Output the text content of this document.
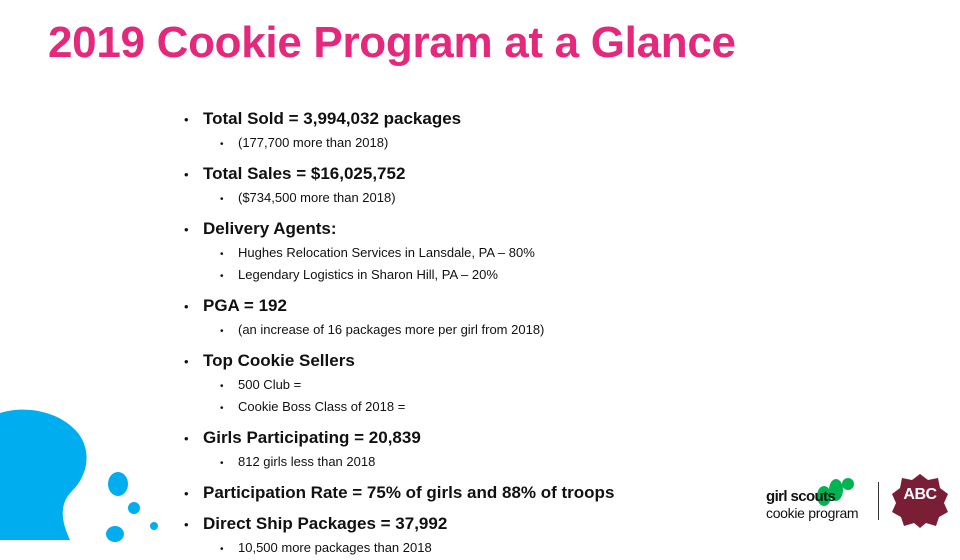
2019 Cookie Program at a Glance
• Total Sold = 3,994,032 packages
•	(177,700 more than 2018)
• Total Sales = $16,025,752
•	($734,500 more than 2018)
• Delivery Agents:
•	Hughes Relocation Services in Lansdale, PA – 80%
•	Legendary Logistics in Sharon Hill, PA – 20%
• PGA = 192
•	(an increase of 16 packages more per girl from 2018)
• Top Cookie Sellers
•	500 Club =
•	Cookie Boss Class of 2018 =
• Girls Participating = 20,839
•	812 girls less than 2018
• Participation Rate = 75% of girls and 88% of troops
• Direct Ship Packages = 37,992
•	10,500 more packages than 2018
girl scouts
cookie program
ABC
